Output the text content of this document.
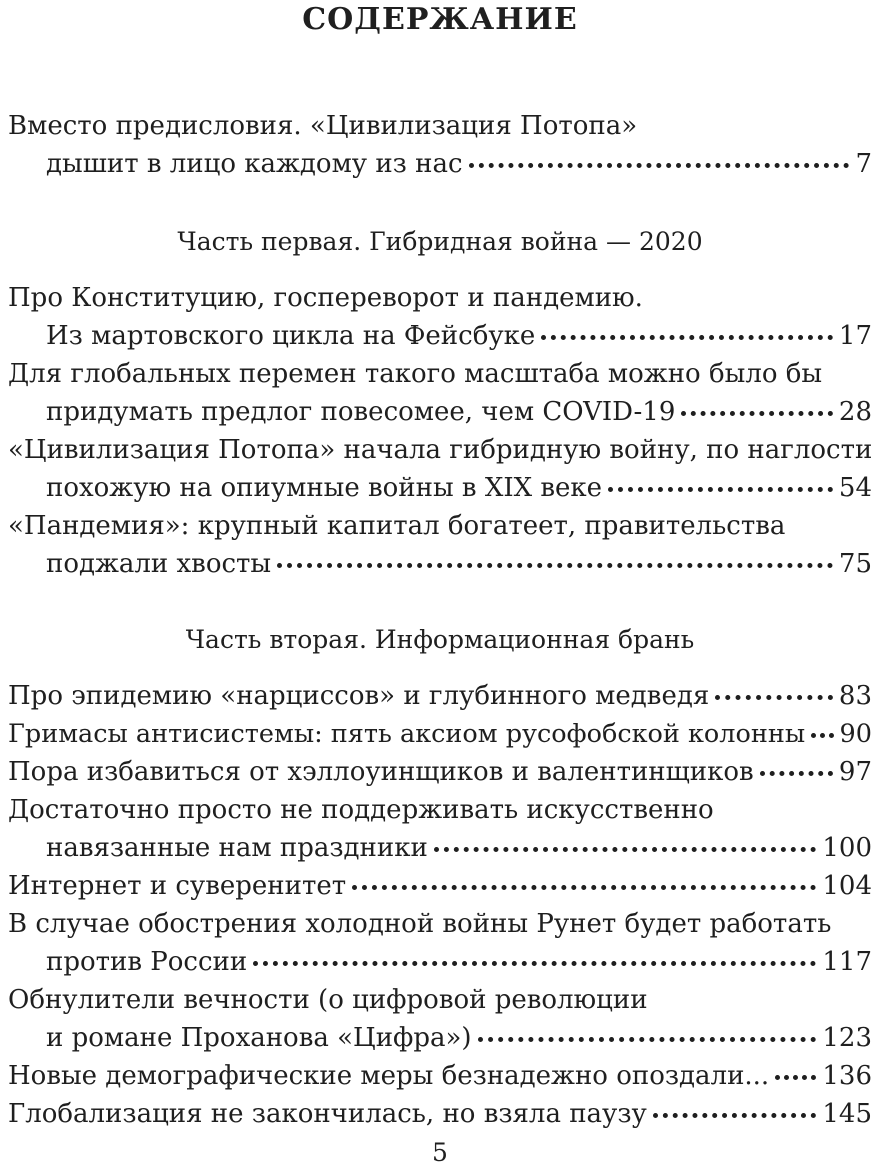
СОДЕРЖАНИЕ
Вместо предисловия. «Цивилизация Потопа»
дышит в лицо каждому из нас	7
Часть первая. Гибридная война — 2020
Про Конституцию, госпереворот и пандемию.
Из мартовского цикла на Фейсбуке	17
Для глобальных перемен такого масштаба можно было бы
придумать предлог повесомее, чем COVID-19	28
«Цивилизация Потопа» начала гибридную войну, по наглости
похожую на опиумные войны в XIX веке	54
«Пандемия»: крупный капитал богатеет, правительства
поджали хвосты	75
Часть вторая. Информационная брань
Про эпидемию «нарциссов» и глубинного медведя	83
Гримасы антисистемы: пять аксиом русофобской колонны 90
Пора избавиться от хэллоуинщиков и валентинщиков	97
Достаточно просто не поддерживать искусственно
навязанные нам праздники	100
Интернет и суверенитет	104
В случае обострения холодной войны Рунет будет работать
против России	117
Обнулители вечности (о цифровой революции
и романе Проханова «Цифра»)	123
Новые демографические меры безнадежно опоздали... 136
Глобализация не закончилась, но взяла паузу	145
5
